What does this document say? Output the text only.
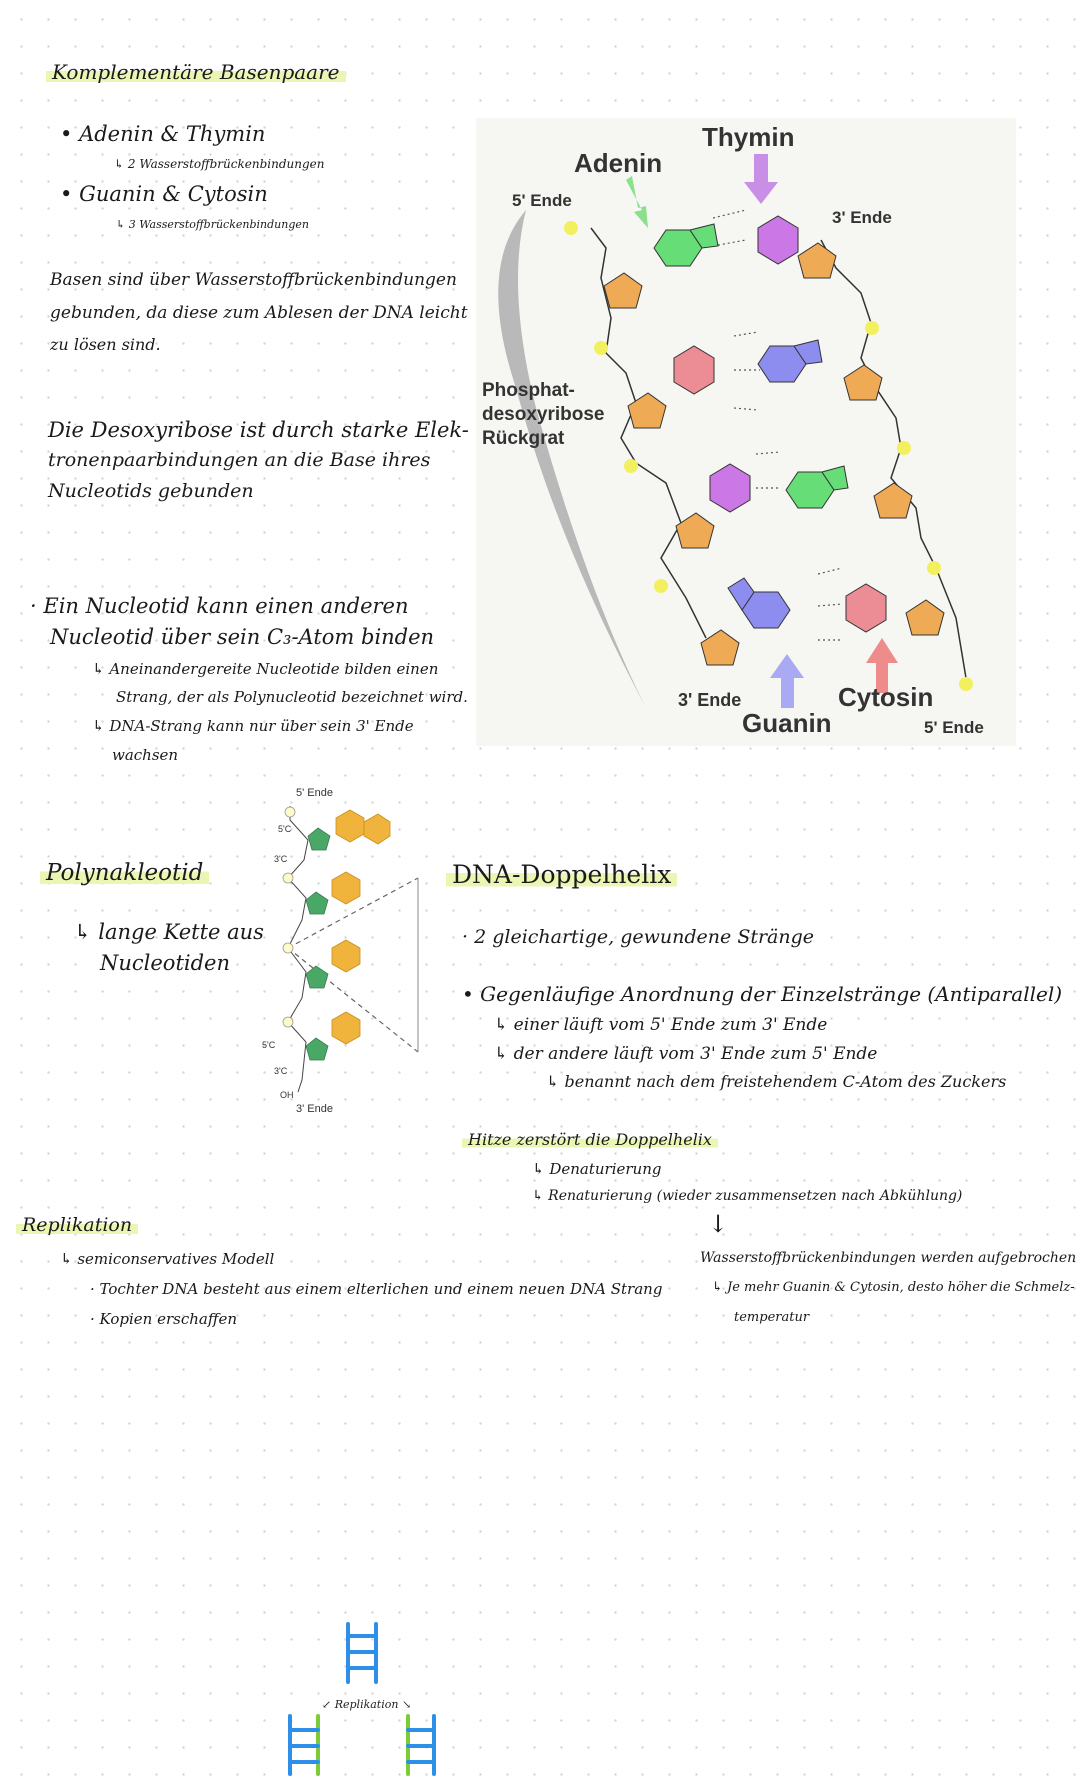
Komplementäre Basenpaare
• Adenin & Thymin
↳ 2 Wasserstoffbrückenbindungen
• Guanin & Cytosin
↳ 3 Wasserstoffbrückenbindungen
Basen sind über Wasserstoffbrückenbindungen
gebunden, da diese zum Ablesen der DNA leicht
zu lösen sind.
Die Desoxyribose ist durch starke Elek-
tronenpaarbindungen an die Base ihres
Nucleotids gebunden
· Ein Nucleotid kann einen anderen
Nucleotid über sein C₃-Atom binden
↳ Aneinandergereite Nucleotide bilden einen
Strang, der als Polynucleotid bezeichnet wird.
↳ DNA-Strang kann nur über sein 3' Ende
wachsen
Thymin
Adenin
5' Ende
3' Ende
Phosphat-
desoxyribose
Rückgrat
3' Ende
Guanin
Cytosin
5' Ende
Polynakleotid
↳ lange Kette aus
Nucleotiden
5' Ende
5'C
3'C
5'C
3'C
OH
3' Ende
DNA-Doppelhelix
· 2 gleichartige, gewundene Stränge
• Gegenläufige Anordnung der Einzelstränge (Antiparallel)
↳ einer läuft vom 5' Ende zum 3' Ende
↳ der andere läuft vom 3' Ende zum 5' Ende
↳ benannt nach dem freistehendem C-Atom des Zuckers
Hitze zerstört die Doppelhelix
↳ Denaturierung
↳ Renaturierung (wieder zusammensetzen nach Abkühlung)
↓
Wasserstoffbrückenbindungen werden aufgebrochen
↳ Je mehr Guanin & Cytosin, desto höher die Schmelz-
temperatur
Replikation
↳ semiconservatives Modell
· Tochter DNA besteht aus einem elterlichen und einem neuen DNA Strang
· Kopien erschaffen
↙ Replikation ↘
